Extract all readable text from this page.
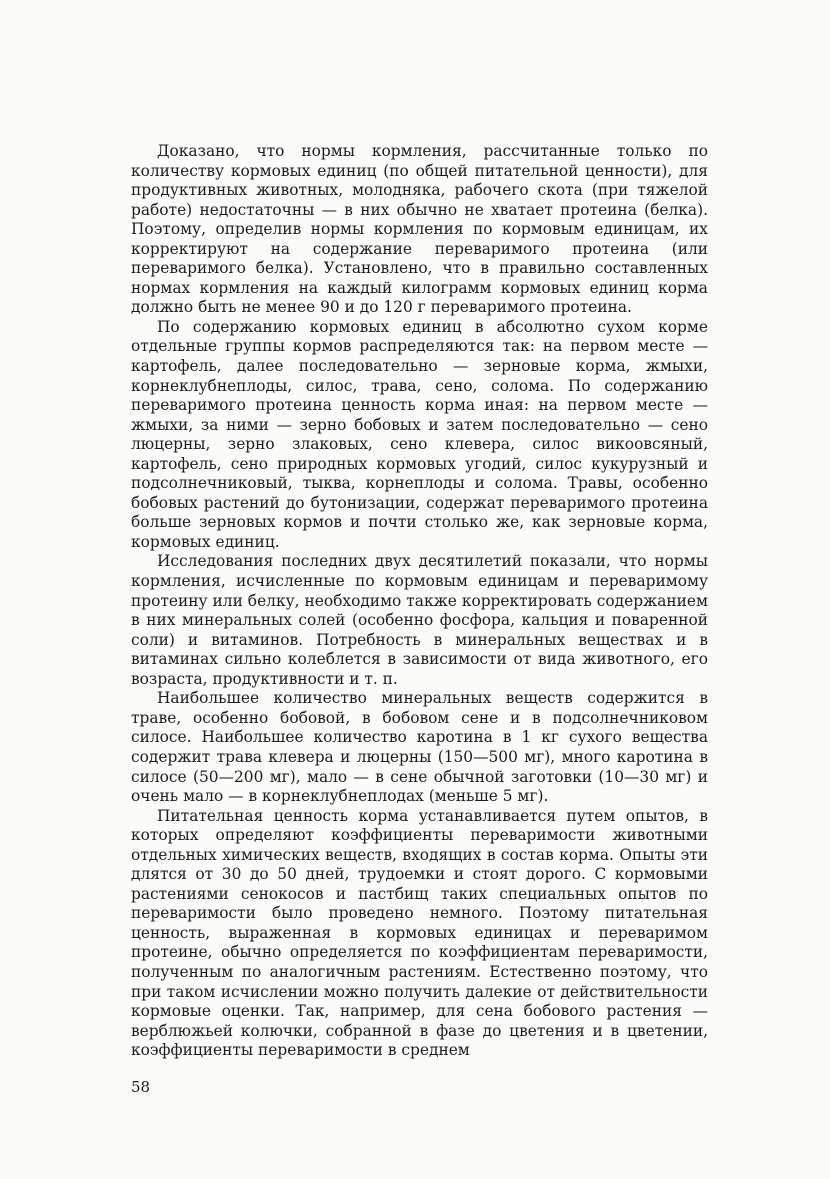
Доказано, что нормы кормления, рассчитанные только по количеству кормовых единиц (по общей питательной ценности), для продуктивных животных, молодняка, рабочего скота (при тяжелой работе) недостаточны — в них обычно не хватает протеина (белка). Поэтому, определив нормы кормления по кормовым единицам, их корректируют на содержание переваримого протеина (или переваримого белка). Установлено, что в правильно составленных нормах кормления на каждый килограмм кормовых единиц корма должно быть не менее 90 и до 120 г переваримого протеина.

По содержанию кормовых единиц в абсолютно сухом корме отдельные группы кормов распределяются так: на первом месте — картофель, далее последовательно — зерновые корма, жмыхи, корнеклубнеплоды, силос, трава, сено, солома. По содержанию переваримого протеина ценность корма иная: на первом месте — жмыхи, за ними — зерно бобовых и затем последовательно — сено люцерны, зерно злаковых, сено клевера, силос викоовсяный, картофель, сено природных кормовых угодий, силос кукурузный и подсолнечниковый, тыква, корнеплоды и солома. Травы, особенно бобовых растений до бутонизации, содержат переваримого протеина больше зерновых кормов и почти столько же, как зерновые корма, кормовых единиц.

Исследования последних двух десятилетий показали, что нормы кормления, исчисленные по кормовым единицам и переваримому протеину или белку, необходимо также корректировать содержанием в них минеральных солей (особенно фосфора, кальция и поваренной соли) и витаминов. Потребность в минеральных веществах и в витаминах сильно колеблется в зависимости от вида животного, его возраста, продуктивности и т. п.

Наибольшее количество минеральных веществ содержится в траве, особенно бобовой, в бобовом сене и в подсолнечниковом силосе. Наибольшее количество каротина в 1 кг сухого вещества содержит трава клевера и люцерны (150—500 мг), много каротина в силосе (50—200 мг), мало — в сене обычной заготовки (10—30 мг) и очень мало — в корнеклубнеплодах (меньше 5 мг).

Питательная ценность корма устанавливается путем опытов, в которых определяют коэффициенты переваримости животными отдельных химических веществ, входящих в состав корма. Опыты эти длятся от 30 до 50 дней, трудоемки и стоят дорого. С кормовыми растениями сенокосов и пастбищ таких специальных опытов по переваримости было проведено немного. Поэтому питательная ценность, выраженная в кормовых единицах и переваримом протеине, обычно определяется по коэффициентам переваримости, полученным по аналогичным растениям. Естественно поэтому, что при таком исчислении можно получить далекие от действительности кормовые оценки. Так, например, для сена бобового растения — верблюжьей колючки, собранной в фазе до цветения и в цветении, коэффициенты переваримости в среднем

58
